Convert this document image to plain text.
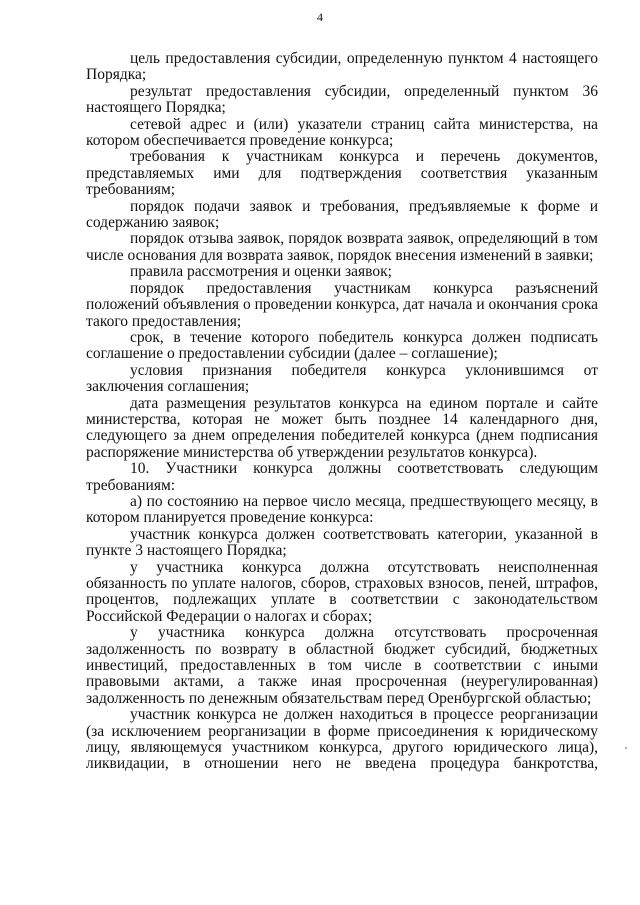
4

цель предоставления субсидии, определенную пунктом 4 настоящего Порядка;

результат предоставления субсидии, определенный пунктом 36 настоящего Порядка;

сетевой адрес и (или) указатели страниц сайта министерства, на котором обеспечивается проведение конкурса;

требования к участникам конкурса и перечень документов, представляемых ими для подтверждения соответствия указанным требованиям;

порядок подачи заявок и требования, предъявляемые к форме и содержанию заявок;

порядок отзыва заявок, порядок возврата заявок, определяющий в том числе основания для возврата заявок, порядок внесения изменений в заявки;

правила рассмотрения и оценки заявок;

порядок предоставления участникам конкурса разъяснений положений объявления о проведении конкурса, дат начала и окончания срока такого предоставления;

срок, в течение которого победитель конкурса должен подписать соглашение о предоставлении субсидии (далее – соглашение);

условия признания победителя конкурса уклонившимся от заключения соглашения;

дата размещения результатов конкурса на едином портале и сайте министерства, которая не может быть позднее 14 календарного дня, следующего за днем определения победителей конкурса (днем подписания распоряжение министерства об утверждении результатов конкурса).

10. Участники конкурса должны соответствовать следующим требованиям:

а) по состоянию на первое число месяца, предшествующего месяцу, в котором планируется проведение конкурса:

участник конкурса должен соответствовать категории, указанной в пункте 3 настоящего Порядка;

у участника конкурса должна отсутствовать неисполненная обязанность по уплате налогов, сборов, страховых взносов, пеней, штрафов, процентов, подлежащих уплате в соответствии с законодательством Российской Федерации о налогах и сборах;

у участника конкурса должна отсутствовать просроченная задолженность по возврату в областной бюджет субсидий, бюджетных инвестиций, предоставленных в том числе в соответствии с иными правовыми актами, а также иная просроченная (неурегулированная) задолженность по денежным обязательствам перед Оренбургской областью;

участник конкурса не должен находиться в процессе реорганизации (за исключением реорганизации в форме присоединения к юридическому лицу, являющемуся участником конкурса, другого юридического лица), ликвидации, в отношении него не введена процедура банкротства,
